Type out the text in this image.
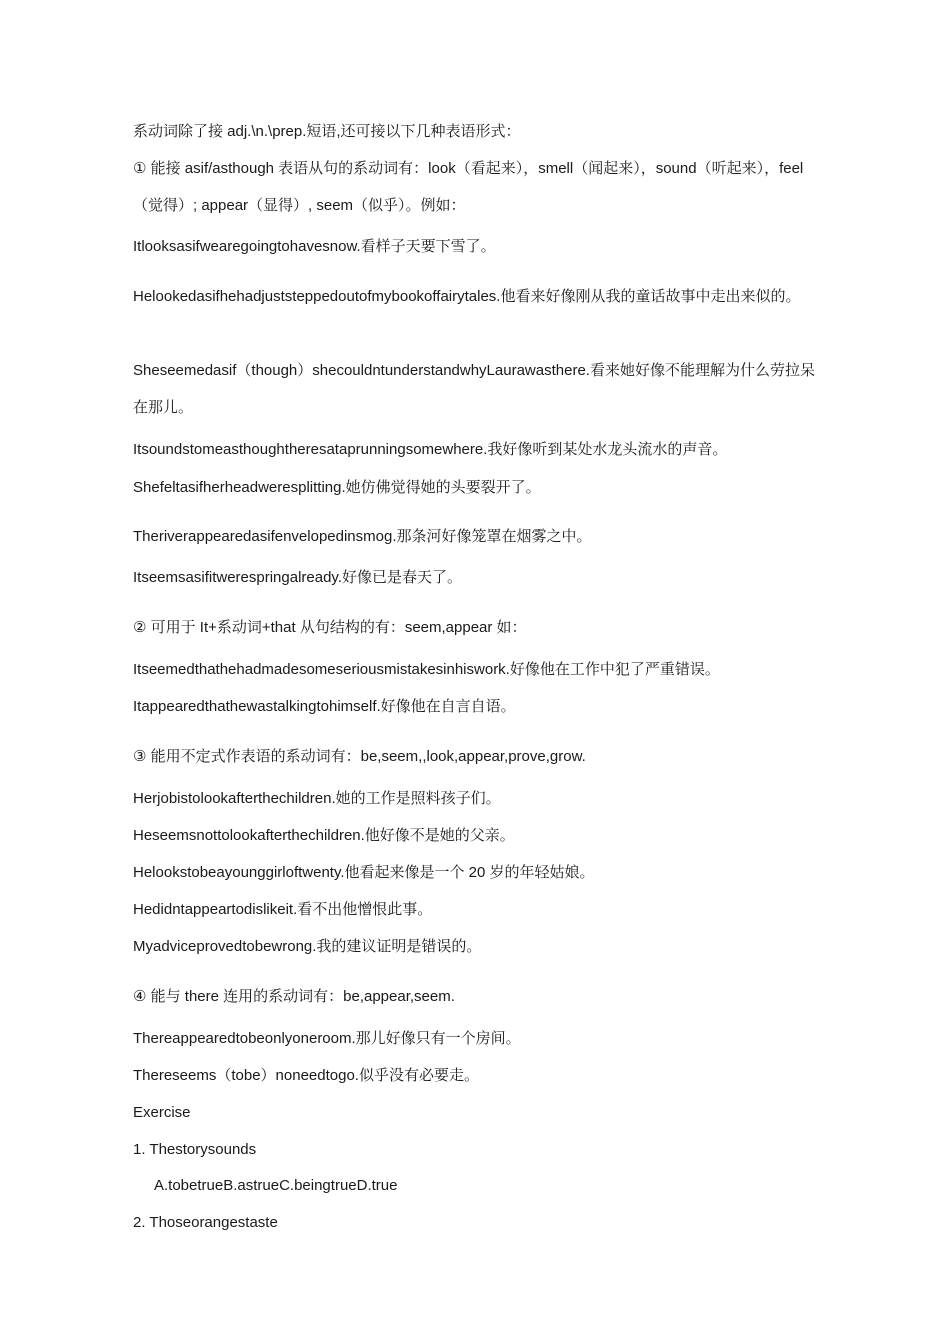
系动词除了接 adj.\n.\prep.短语,还可接以下几种表语形式：
① 能接 asif/asthough 表语从句的系动词有：look（看起来），smell（闻起来），sound（听起来），feel（觉得）; appear（显得）, seem（似乎）。例如：
Itlooksasifwearegoingtohavesnow.看样子天要下雪了。
Helookedasifhehadjuststeppedoutofmybookoffairytales.他看来好像刚从我的童话故事中走出来似的。
Sheseemedasif（though）shecouldntunderstandwhyLaurawasthere.看来她好像不能理解为什么劳拉呆在那儿。
Itsoundstomeasthoughtheresataprunningsomewhere.我好像听到某处水龙头流水的声音。
Shefeltasifherheadweresplitting.她仿佛觉得她的头要裂开了。
Theriverappearedasifenvelopedinsmog.那条河好像笼罩在烟雾之中。
Itseemsasifitwerespringalready.好像已是春天了。
② 可用于 It+系动词+that 从句结构的有：seem,appear 如：
Itseemedthathehadmadesomeseriousmistakesinhiswork.好像他在工作中犯了严重错误。
Itappearedthathewastalkingtohimself.好像他在自言自语。
③ 能用不定式作表语的系动词有：be,seem,,look,appear,prove,grow.
Herjobistolookafterthechildren.她的工作是照料孩子们。
Heseemsnottolookafterthechildren.他好像不是她的父亲。
Helookstobeayounggirloftwenty.他看起来像是一个 20 岁的年轻姑娘。
Hedidntappeartodislikeit.看不出他憎恨此事。
Myadviceprovedtobewrong.我的建议证明是错误的。
④ 能与 there 连用的系动词有：be,appear,seem.
Thereappearedtobeonlyoneroom.那儿好像只有一个房间。
Thereseems（tobe）noneedtogo.似乎没有必要走。
Exercise
1. Thestorysounds
A.tobetrueB.astrueC.beingtrueD.true
2. Thoseorangestaste
